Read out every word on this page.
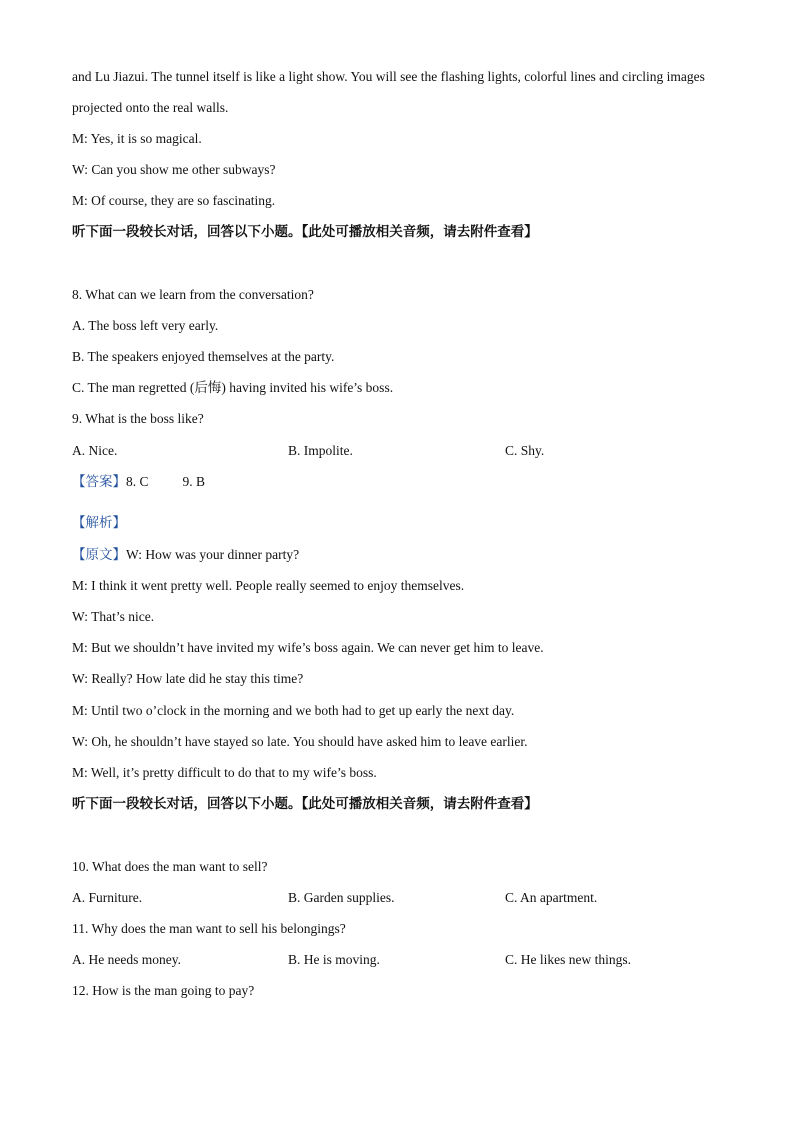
and Lu Jiazui. The tunnel itself is like a light show. You will see the flashing lights, colorful lines and circling images
projected onto the real walls.
M: Yes, it is so magical.
W: Can you show me other subways?
M: Of course, they are so fascinating.
听下面一段较长对话，回答以下小题。【此处可播放相关音频，请去附件查看】
8. What can we learn from the conversation?
A. The boss left very early.
B. The speakers enjoyed themselves at the party.
C. The man regretted (后悔) having invited his wife’s boss.
9. What is the boss like?
A. Nice.	B. Impolite.	C. Shy.
【答案】8. C	9. B
【解析】
【原文】W: How was your dinner party?
M: I think it went pretty well. People really seemed to enjoy themselves.
W: That’s nice.
M: But we shouldn’t have invited my wife’s boss again. We can never get him to leave.
W: Really? How late did he stay this time?
M: Until two o’clock in the morning and we both had to get up early the next day.
W: Oh, he shouldn’t have stayed so late. You should have asked him to leave earlier.
M: Well, it’s pretty difficult to do that to my wife’s boss.
听下面一段较长对话，回答以下小题。【此处可播放相关音频，请去附件查看】
10. What does the man want to sell?
A. Furniture.	B. Garden supplies.	C. An apartment.
11. Why does the man want to sell his belongings?
A. He needs money.	B. He is moving.	C. He likes new things.
12. How is the man going to pay?
